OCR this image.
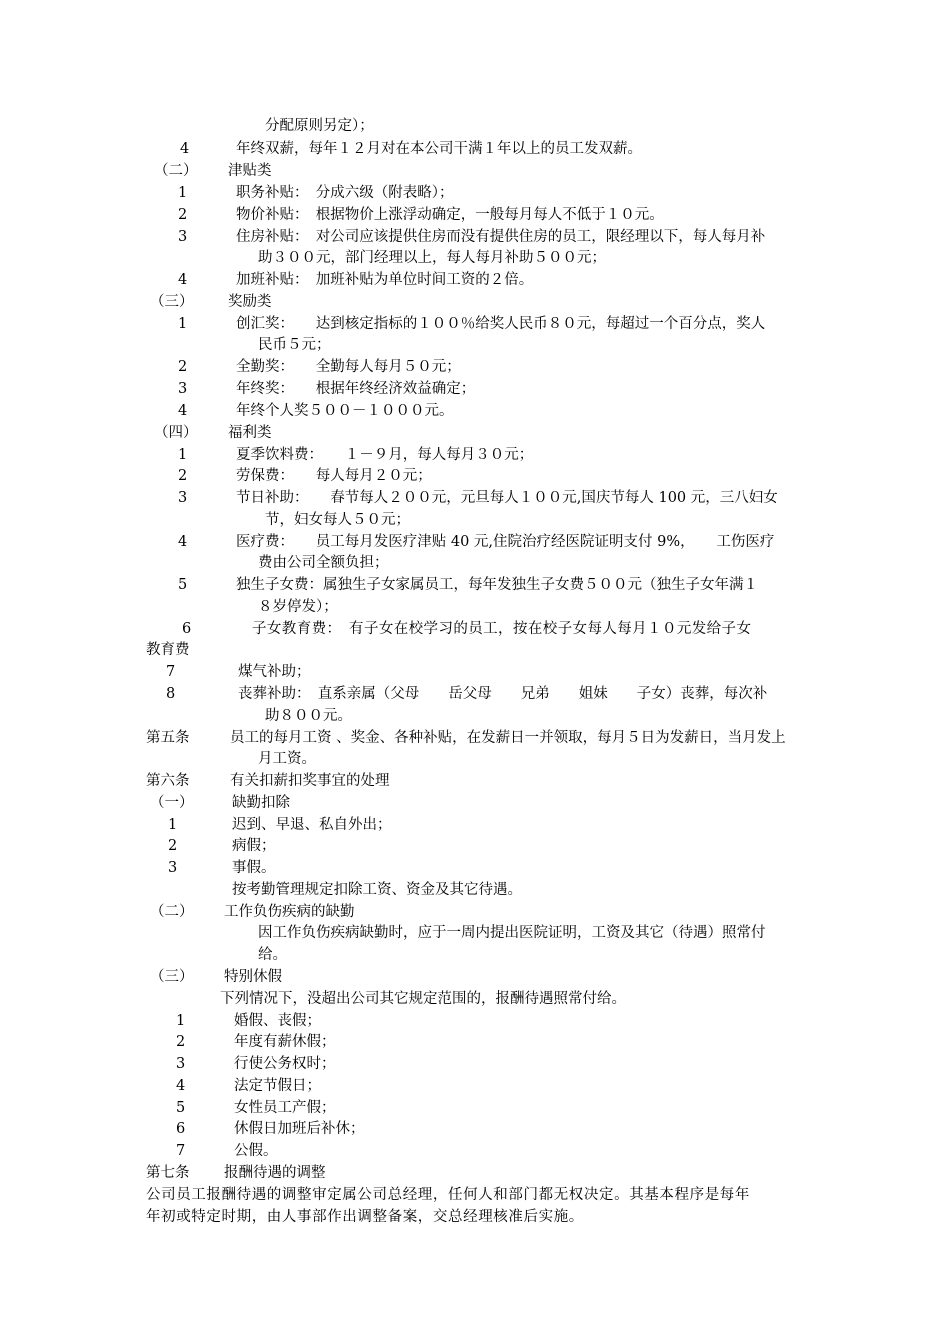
分配原则另定）；
4	年终双薪，每年１２月对在本公司干满１年以上的员工发双薪。
（二） 津贴类
1	职务补贴：　分成六级（附表略）；
2	物价补贴：　根据物价上涨浮动确定，一般每月每人不低于１０元。
3	住房补贴：　对公司应该提供住房而没有提供住房的员工，限经理以下，每人每月补
助３００元，部门经理以上，每人每月补助５００元；
4	加班补贴：　加班补贴为单位时间工资的２倍。
（三） 奖励类
1	创汇奖：　　达到核定指标的１００％给奖人民币８０元，每超过一个百分点，奖人
民币５元；
2	全勤奖：　　全勤每人每月５０元；
3	年终奖：　　根据年终经济效益确定；
4	年终个人奖５００－１０００元。
（四） 福利类
1	夏季饮料费：　　１－９月，每人每月３０元；
2	劳保费：　　每人每月２０元；
3	节日补助：　　春节每人２００元，元旦每人１００元,国庆节每人 100 元，三八妇女
节，妇女每人５０元；
4	医疗费：　　员工每月发医疗津贴 40 元,住院治疗经医院证明支付 9%，　　工伤医疗
费由公司全额负担；
5	独生子女费：属独生子女家属员工，每年发独生子女费５００元（独生子女年满１
８岁停发）；
6	子女教育费：　有子女在校学习的员工，按在校子女每人每月１０元发给子女
教育费
7	煤气补助；
8	丧葬补助：　直系亲属（父母　　岳父母　　兄弟　　姐妹　　子女）丧葬，每次补
助８００元。
第五条	员工的每月工资 、奖金、各种补贴，在发薪日一并领取，每月５日为发薪日，当月发上
月工资。
第六条	有关扣薪扣奖事宜的处理
（一）	缺勤扣除
1	迟到、早退、私自外出；
2	病假；
3	事假。
按考勤管理规定扣除工资、资金及其它待遇。
（二） 工作负伤疾病的缺勤
因工作负伤疾病缺勤时，应于一周内提出医院证明，工资及其它（待遇）照常付
给。
（三） 特别休假
下列情况下，没超出公司其它规定范围的，报酬待遇照常付给。
1	婚假、丧假；
2	年度有薪休假；
3	行使公务权时；
4	法定节假日；
5	女性员工产假；
6	休假日加班后补休；
7	公假。
第七条 报酬待遇的调整
公司员工报酬待遇的调整审定属公司总经理，任何人和部门都无权决定。其基本程序是每年
年初或特定时期，由人事部作出调整备案，交总经理核准后实施。
